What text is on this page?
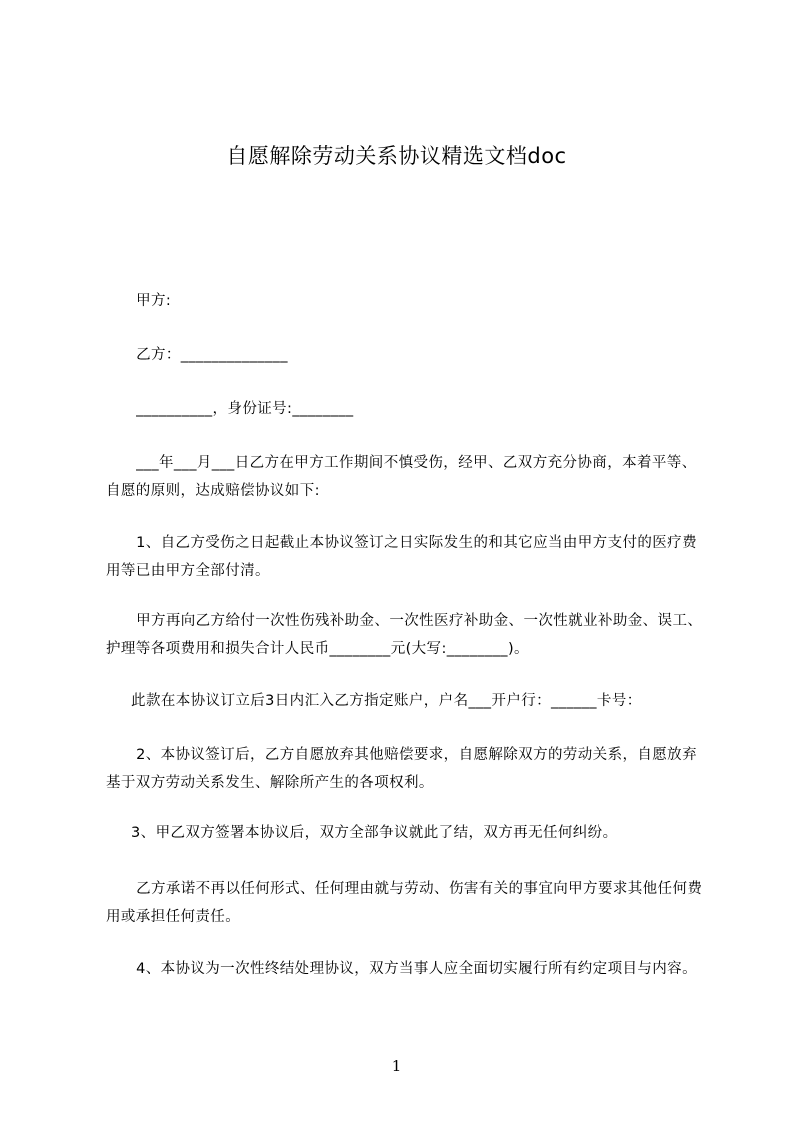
自愿解除劳动关系协议精选文档doc
甲方:
乙方：______________
__________，身份证号:________
___年___月___日乙方在甲方工作期间不慎受伤，经甲、乙双方充分协商，本着平等、自愿的原则，达成赔偿协议如下:
1、自乙方受伤之日起截止本协议签订之日实际发生的和其它应当由甲方支付的医疗费用等已由甲方全部付清。
甲方再向乙方给付一次性伤残补助金、一次性医疗补助金、一次性就业补助金、误工、护理等各项费用和损失合计人民币________元(大写:________)。
此款在本协议订立后3日内汇入乙方指定账户，户名___开户行：______卡号：
2、本协议签订后，乙方自愿放弃其他赔偿要求，自愿解除双方的劳动关系，自愿放弃基于双方劳动关系发生、解除所产生的各项权利。
3、甲乙双方签署本协议后，双方全部争议就此了结，双方再无任何纠纷。
乙方承诺不再以任何形式、任何理由就与劳动、伤害有关的事宜向甲方要求其他任何费用或承担任何责任。
4、本协议为一次性终结处理协议，双方当事人应全面切实履行所有约定项目与内容。
1
